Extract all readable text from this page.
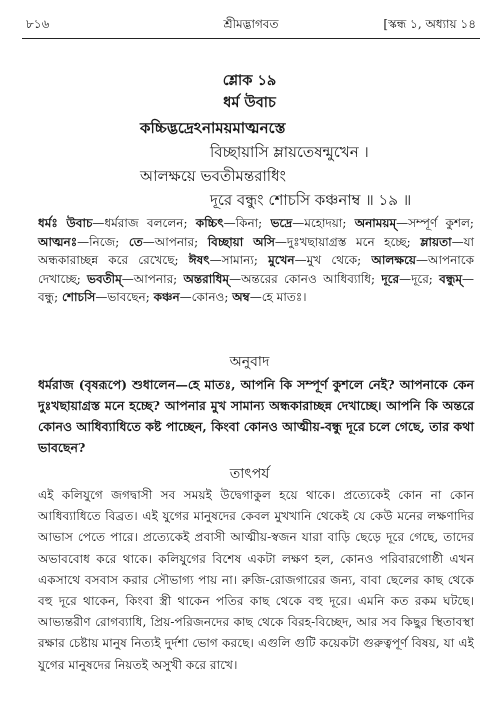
৮১৬	শ্রীমদ্ভাগবত	[স্কন্ধ ১, অধ্যায় ১৪
শ্লোক ১৯
ধর্ম উবাচ
কচ্চিদ্ভদ্রেঽনাময়মাত্মনস্তে
বিচ্ছায়াসি ম্লায়তেষন্মুখেন ।
আলক্ষয়ে ভবতীমন্তরাধিং
দূরে বন্ধুং শোচসি কঞ্চনাম্ব ॥ ১৯ ॥
ধর্মঃ উবাচ—ধর্মরাজ বললেন; কচ্চিৎ—কিনা; ভদ্রে—মহোদয়া; অনাময়ম্—সম্পূর্ণ কুশল; আত্মনঃ—নিজে; তে—আপনার; বিচ্ছায়া অসি—দুঃখছায়াগ্রস্ত মনে হচ্ছে; ম্লায়তা—যা অন্ধকারাচ্ছন্ন করে রেখেছে; ঈষৎ—সামান্য; মুখেন—মুখ থেকে; আলক্ষয়ে—আপনাকে দেখাচ্ছে; ভবতীম্—আপনার; অন্তরাধিম্—অন্তরের কোনও আধিব্যাধি; দূরে—দূরে; বন্ধুম্—বন্ধু; শোচসি—ভাবছেন; কঞ্চন—কোনও; অম্ব—হে মাতঃ।
অনুবাদ
ধর্মরাজ (বৃষরূপে) শুধালেন—হে মাতঃ, আপনি কি সম্পূর্ণ কুশলে নেই? আপনাকে কেন দুঃখছায়াগ্রস্ত মনে হচ্ছে? আপনার মুখ সামান্য অন্ধকারাচ্ছন্ন দেখাচ্ছে। আপনি কি অন্তরে কোনও আধিব্যাধিতে কষ্ট পাচ্ছেন, কিংবা কোনও আত্মীয়-বন্ধু দূরে চলে গেছে, তার কথা ভাবছেন?
তাৎপর্য
এই কলিযুগে জগদ্বাসী সব সময়ই উদ্বেগাকুল হয়ে থাকে। প্রত্যেকেই কোন না কোন আধিব্যাধিতে বিব্রত। এই যুগের মানুষদের কেবল মুখখানি থেকেই যে কেউ মনের লক্ষণাদির আভাস পেতে পারে। প্রত্যেকেই প্রবাসী আত্মীয়-স্বজন যারা বাড়ি ছেড়ে দূরে গেছে, তাদের অভাববোধ করে থাকে। কলিযুগের বিশেষ একটা লক্ষণ হল, কোনও পরিবারগোষ্ঠী এখন একসাথে বসবাস করার সৌভাগ্য পায় না। রুজি-রোজগারের জন্য, বাবা ছেলের কাছ থেকে বহু দূরে থাকেন, কিংবা স্ত্রী থাকেন পতির কাছ থেকে বহু দূরে। এমনি কত রকম ঘটছে। আভ্যন্তরীণ রোগব্যাধি, প্রিয়-পরিজনদের কাছ থেকে বিরহ-বিচ্ছেদ, আর সব কিছুর স্থিতাবস্থা রক্ষার চেষ্টায় মানুষ নিত্যই দুর্দশা ভোগ করছে। এগুলি গুটি কয়েকটা গুরুত্বপূর্ণ বিষয়, যা এই যুগের মানুষদের নিয়তই অসুখী করে রাখে।
